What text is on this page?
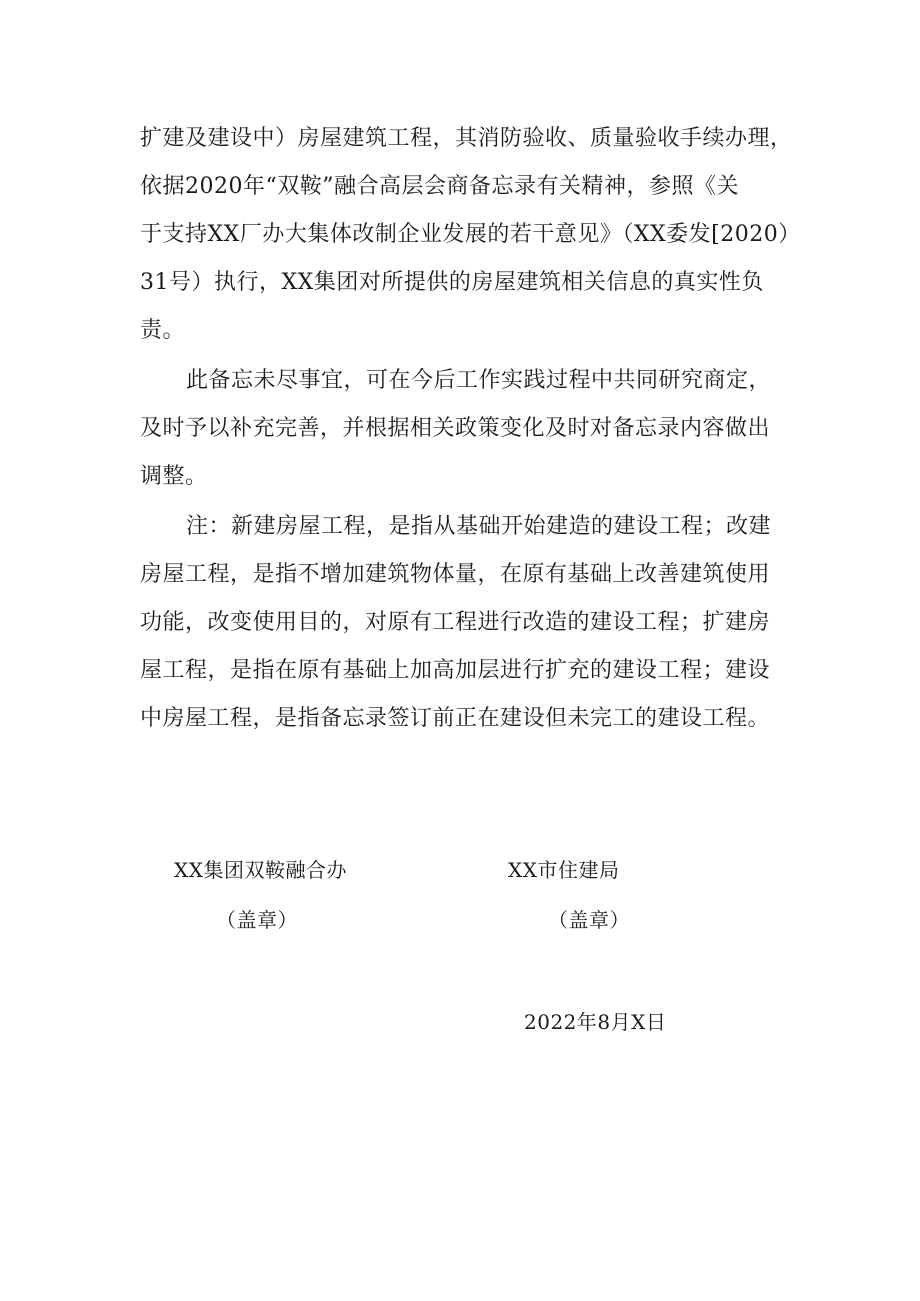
扩建及建设中）房屋建筑工程，其消防验收、质量验收手续办理，
依据2020年“双鞍”融合高层会商备忘录有关精神，参照《关
于支持XX厂办大集体改制企业发展的若干意见》（XX委发[2020）
31号）执行，XX集团对所提供的房屋建筑相关信息的真实性负
责。
此备忘未尽事宜，可在今后工作实践过程中共同研究商定，
及时予以补充完善，并根据相关政策变化及时对备忘录内容做出
调整。
注：新建房屋工程，是指从基础开始建造的建设工程；改建
房屋工程，是指不增加建筑物体量，在原有基础上改善建筑使用
功能，改变使用目的，对原有工程进行改造的建设工程；扩建房
屋工程，是指在原有基础上加高加层进行扩充的建设工程；建设
中房屋工程，是指备忘录签订前正在建设但未完工的建设工程。
XX集团双鞍融合办
（盖章）
XX市住建局
（盖章）
2022年8月X日
